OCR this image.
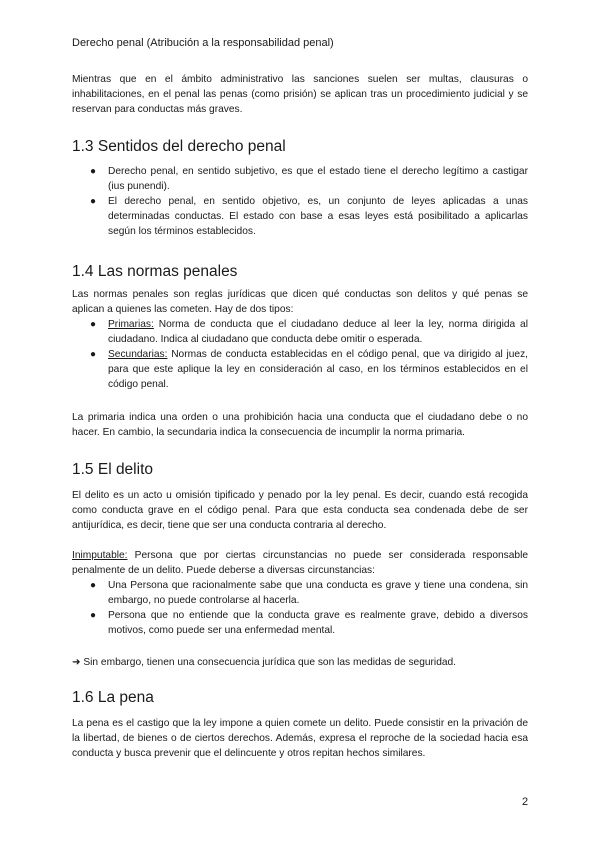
Derecho penal (Atribución a la responsabilidad penal)

Mientras que en el ámbito administrativo las sanciones suelen ser multas, clausuras o inhabilitaciones, en el penal las penas (como prisión) se aplican tras un procedimiento judicial y se reservan para conductas más graves.

1.3 Sentidos del derecho penal
● Derecho penal, en sentido subjetivo, es que el estado tiene el derecho legítimo a castigar (ius punendi).
● El derecho penal, en sentido objetivo, es, un conjunto de leyes aplicadas a unas determinadas conductas. El estado con base a esas leyes está posibilitado a aplicarlas según los términos establecidos.
1.4 Las normas penales

Las normas penales son reglas jurídicas que dicen qué conductas son delitos y qué penas se aplican a quienes las cometen. Hay de dos tipos:

● Primarias: Norma de conducta que el ciudadano deduce al leer la ley, norma dirigida al ciudadano. Indica al ciudadano que conducta debe omitir o esperada.
● Secundarias: Normas de conducta establecidas en el código penal, que va dirigido al juez, para que este aplique la ley en consideración al caso, en los términos establecidos en el código penal.

La primaria indica una orden o una prohibición hacia una conducta que el ciudadano debe o no hacer. En cambio, la secundaria indica la consecuencia de incumplir la norma primaria.

1.5 El delito

El delito es un acto u omisión tipificado y penado por la ley penal. Es decir, cuando está recogida como conducta grave en el código penal. Para que esta conducta sea condenada debe de ser antijurídica, es decir, tiene que ser una conducta contraria al derecho.

Inimputable: Persona que por ciertas circunstancias no puede ser considerada responsable penalmente de un delito. Puede deberse a diversas circunstancias:

● Una Persona que racionalmente sabe que una conducta es grave y tiene una condena, sin embargo, no puede controlarse al hacerla.
● Persona que no entiende que la conducta grave es realmente grave, debido a diversos motivos, como puede ser una enfermedad mental.

➜ Sin embargo, tienen una consecuencia jurídica que son las medidas de seguridad.

1.6 La pena

La pena es el castigo que la ley impone a quien comete un delito. Puede consistir en la privación de la libertad, de bienes o de ciertos derechos. Además, expresa el reproche de la sociedad hacia esa conducta y busca prevenir que el delincuente y otros repitan hechos similares.

2
